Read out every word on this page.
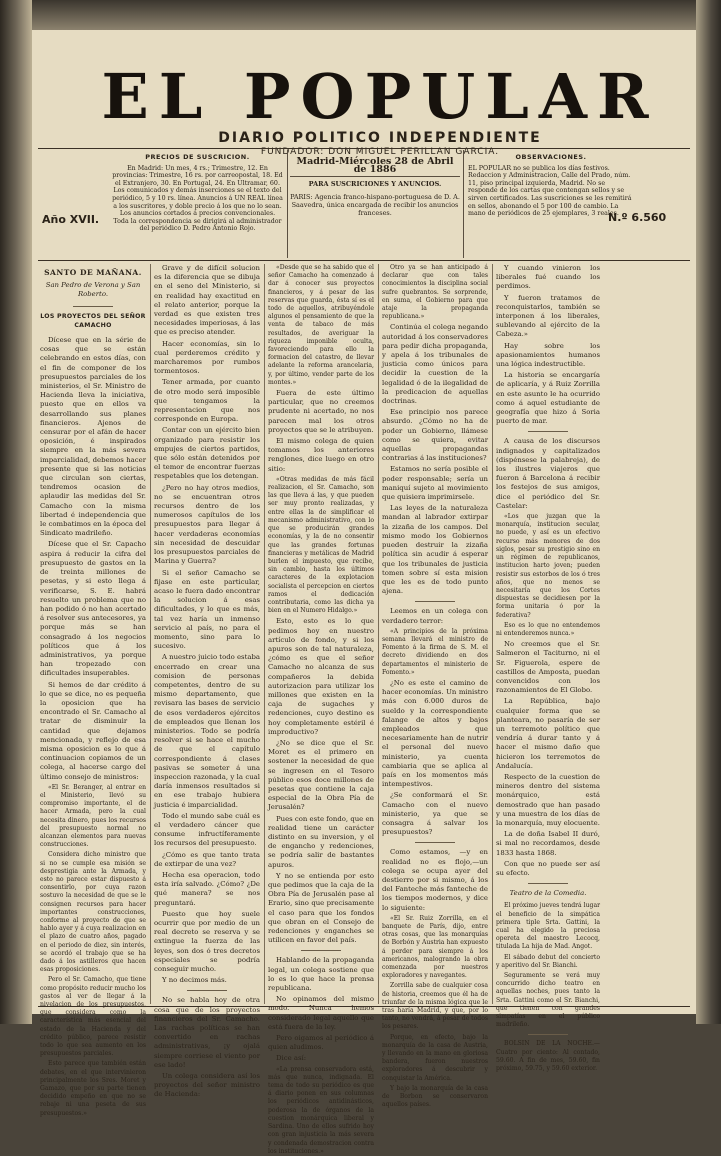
EL POPULAR
DIARIO POLITICO INDEPENDIENTE
FUNDADOR: DON MIGUEL PERILLAN GARCIA.
Año XVII.
PRECIOS DE SUSCRICION.
En Madrid: Un mes, 4 rs.; Trimestre, 12. En provincias: Trimestre, 16 rs. por carreopostal, 18. Ed el Extranjero, 30. En Portugal, 24. En Ultramar, 60.
Los comunicados y demás inserciones se el texto del periódico, 5 y 10 rs. línea. Anuncios á UN REAL línea a los suscritores, y doble precio á los que no lo sean.
Los anuncios cortados á precios convencionales. Toda la correspondencia se dirigirá al administrador del periódico D. Pedro Antonio Rojo.
Madrid-Miércoles 28 de Abril de 1886
PARA SUSCRICIONES Y ANUNCIOS.
PARIS: Agencia franco-hispano-portuguesa de D. A. Saavedra, única encargada de recibir los anuncios franceses.
OBSERVACIONES.
EL POPULAR no se publica los días festivos. Redaccion y Administracion, Calle del Prado, núm. 11, piso principal izquierda, Madrid. No se responde de los cartas que contengan sellos y se sirven certificados. Las suscriciones se les remitirá en sellos, abonando el 5 por 100 de cambio. La mano de periódicos de 25 ejemplares, 3 reales.
N.º 6.560

SANTO DE MAÑANA.

San Pedro de Verona y San Roberto.

LOS PROYECTOS DEL SEÑOR CAMACHO

Dícese que en la série de cosas que se están celebrando en estos días, con el fin de componer de los presupuestos parciales de los ministerios, el Sr. Ministro de Hacienda lleva la iniciativa, puesto que en ellos va desarrollando sus planes financieros. Ajenos de censurar por el afán de hacer oposición, é inspirados siempre en la más severa imparcialidad, debemos hacer presente que si las noticias que circulan son ciertas, tendremos ocasion de aplaudir las medidas del Sr. Camacho con la misma libertad é independencia que le combatimos en la época del Sindicato madrileño.

Dícese que el Sr. Capacho aspira á reducir la cifra del presupuesto de gastos en la de treinta millones de pesetas, y si esto llega á verificarse, S. E. habrá resuelto un problema que no han podido ó no han acertado á resolver sus antecesores, ya porque más se han consagrado á los negocios políticos que á los administrativos, ya porque han tropezado con dificultades insuperables.

Si hemos de dar crédito á lo que se dice, no es pequeña la oposicion que ha encontrado el Sr. Camacho al tratar de disminuir la cantidad que dejamos mencionada, y reflejo de esa misma oposicion es lo que á continuacion copiamos de un colega, al hacerse cargo del último consejo de ministros:

«El Sr. Beranger, al entrar en el Ministerio, llevó su compromiso importante, el de hacer Armada, pero la cual necesita dinero, pues los recursos del presupuesto normal no alcanzan elementos para nuevas construcciones.

Considera dicho ministro que si no se cumple esa misión se desprestigia ante la Armada, y esto no parece estar dispuesto á consentirlo, por cuya razon sostuvo la necesidad de que se le consignen recursos para hacer importantes construcciones, conforme al proyecto de que se hablo ayer y á cuya realizacion en el plazo de cuatro años, pagado en el periodo de diez, sin interés, se acordó el trabajo que se ha dado á los astilleros que hacen esas proposiciones.

Pero el Sr. Camacho, que tiene como propósito reducir mucho los gastos al ver de llegar á la nivelacion de los presupuestos, que considera como la característica más esencial del estado de la Hacienda y del crédito público, parece resistir todo lo que sea aumento en los presupuestos parciales.

Esto parece que también están debates, en el que intervinieron principalmente los Sres. Moret y Gamazo, que por su parte tienen decidido empeño en que no se rebaje ni una peseta de sus presupuestos.»

Grave y de difícil solucion es la diferencia que se dibuja en el seno del Ministerio, si en realidad hay exactitud en el relato anterior, porque la verdad es que existen tres necesidades imperiosas, á las que es preciso atender.

Hacer economías, sin lo cual perderemos crédito y marcharemos por rumbos tormentosos.

Tener armada, por cuanto de otro modo será imposible que tengamos la representacion que nos corresponde en Europa.

Contar con un ejército bien organizado para resistir los empujes de ciertos partidos, que sólo están detenidos por el temor de encontrar fuerzas respetables que los detengan.

¿Pero no hay otros medios, no se encuentran otros recursos dentro de los numerosos capítulos de los presupuestos para llegar á hacer verdaderas economías sin necesidad de descuidar los presupuestos parciales de Marina y Guerra?

Si el señor Camacho se fijase en este particular, acaso le fuera dado encontrar la solucion á esas dificultades, y lo que es más, tal vez haría un inmenso servicio al país, no para el momento, sino para lo sucesivo.

A nuestro juicio todo estaba encerrado en crear una comision de personas competentes, dentro de su mismo departamento, que revisara las bases de servicio de esos verdaderos ejércitos de empleados que llenan los ministerios. Todo se podría resolver si se hace el mucho de que el capítulo correspondiente á clases pasivas se someter á una inspeccion razonada, y la cual daría inmensos resultados si en ese trabajo hubiera justicia é imparcialidad.

Todo el mundo sabe cuál es el verdadero cáncer que consume infructíferamente los recursos del presupuesto.

¿Cómo es que tanto trata de extirpar de una vez?

Hecha esa operacion, todo esta iría salvado. ¿Cómo? ¿De qué manera? se nos preguntará.

Puesto que hoy suele ocurrir que por medio de un real decreto se reserva y se extingue la fuerza de las leyes, son dos ó tres decretos especiales se podría conseguir mucho.

Y no decimos más.

No se habla hoy de otra cosa que de los proyectos financieros del Sr. Camacho. Las rachas políticas se han convertido en rachas administrativas, ¡y ojalá siempre corriese el viento por ese lado!

Un colega considera así los proyectos del señor ministro de Hacienda:

«Desde que se ha sabido que el señor Camacho ha comenzado á dar á conocer sus proyectos financieros, y á pesar de las reservas que guarda, ésta sí es el todo de aquellos, atribuyéndole algunos el pensamiento de que la venta de tabaco de más resultados, de averiguar la riqueza imponible oculta, favoreciendo para ello la formacion del catastro, de llevar adelante la reforma arancelaria, y, por último, vender parte de los montes.»

Fuera de este último particular, que no creemos prudente ni acertado, no nos parecen mal los otros proyectos que se le atribuyen.

El mismo colega de quien tomamos los anteriores renglones, dice luego en otro sitio:

«Otras medidas de más fácil realizacion, el Sr. Camacho, son las que lleva á las, y que pueden ser muy pronto realizadas, y entre ellas la de simplificar el mecanismo administrativo, con lo que se producirán grandes economías, y la de no consentir que las grandes fortunas financieras y metálicas de Madrid burlen el impuesto, que recibe, sin cambio, hasta los últimos caracteres de la explotacion socialista el percepcion en ciertos ramos el dedicación contributaria, como las dicha ya bien en el Numero Hidalgo.»

Esto, esto es lo que pedimos hoy en nuestro artículo de fondo, y si los apuros son de tal naturaleza, ¿cómo es que el señor Camacho no alcanza de sus compañeros la debida autorizacion para utilizar los millones que existen en la caja de sugaches y redenciones, cuyo destino es hoy completamente estéril é improductivo?

¿No se dice que el Sr. Moret es el primero en sostener la necesidad de que se ingresen en el Tesoro público esos doce millones de pesetas que contiene la caja especial de la Obra Pía de Jerusalén?

Pues con este fondo, que en realidad tiene un carácter distinto en su inversion, y el de engancho y redenciones, se podría salir de bastantes apuros.

Y no se entienda por esto que pedimos que la caja de la Obra Pía de Jerusalén pase al Erario, sino que precisamente el caso para que los fondos que obran en el Consejo de redenciones y enganches se utilicen en favor del país.

Hablando de la propaganda legal, un colega sostiene que lo es lo que hace la prensa republicana.

No opinamos del mismo modo. Nunca hemos considerado legal aquello que está fuera de la ley.

Pero oigamos al periódico á quien aludimos.

Dice así:

«La prensa conservadora está, más que nunca, indignada. El tema de todo su periódico es que á diario ponen en sus columnas los periódicos antidinásticos, poderosa la de órganos de la cuestion monárquica liberal y Sardina. Uno de ellos sufrido hoy con gran injusticia la más severa y condenada demostracion contra los instituciones.»

Otro ya se han anticipado á declarar que con tales conocimientos la disciplina social sufre quebrantos. Se sorprende, en suma, el Gobierno para que ataje la propaganda republicana.»

Continúa el colega negando autoridad á los conservadores para pedir dicha propaganda, y apela á los tribunales de justicia como únicos para decidir la cuestion de la legalidad ó de la ilegalidad de la predicacion de aquellas doctrinas.

Ese principio nos parece absurdo. ¿Cómo no ha de poder un Gobierno, llámese como se quiera, evitar aquellas propagandas contrarias á las instituciones?

Estamos no sería posible el poder responsable; sería un maniquí sujeto al movimiento que quisiera imprimirsele.

Las leyes de la naturaleza mandan al labrador extirpar la zizaña de los campos. Del mismo modo los Gobiernos pueden destruir la zizaña política sin acudir á esperar que los tribunales de justicia tomen sobre sí esta mision que les es de todo punto ajena.

Leemos en un colega con verdadero terror:

«A principios de la próxima semana llevará el ministro de Fomento á la firma de S. M. el decreto dividiendo en dos departamentos el ministerio de Fomento.»

¿No es este el camino de hacer economías. Un ministro más con 6.000 duros de sueldo y la correspondiente falange de altos y bajos empleados que necesariamente han de nutrir el personal del nuevo ministerio, ya cuenta cambiaria que se aplica al país en los momentos más intempestivos.

¿Se conformará el Sr. Camacho con el nuevo ministerio, ya que se consagra á salvar los presupuestos?

Como estamos, —y en realidad no es flojo,—un colega se ocupa ayer del destierro por si mismo, á los del Fanteche más fanteche de los tiempos modernos, y dice lo siguiente:

«El Sr. Ruiz Zorrilla, en el banquete de París, dijo, entre otras cosas, que las monarquías de Borbón y Austria han expuesto á perder para siempre á los americanos, malogrando la obra comenzada por nuestros exploradores y navegantes.

Zorrilla sabe de cualquier cosa de historia, creemos que él ha de triunfar de la misma lógica que le tras haría Madrid, y que, por lo tanto, no vendrá, á pesar de todos los pesares.

Porque, en efecto, bajo la monarquía de la casa de Austria, y llevando en la mano en gloriosa bandera, fueron nuestros exploradores á descubrir y conquistar la América.

Y bajo la monarquía de la casa de Borbon se conservaron aquellos países.

Y cuando vinieron los liberales fué cuando los perdimos.

Y fueron tratamos de reconquistarlos, también se interponen á los liberales, sublevando al ejército de la Cabeza.»

Hay sobre los apasionamientos humanos una lógica indestructible.

La historia se encargaría de aplicaría, y á Ruiz Zorrilla en este asunto le ha ocurrido como á aquel estudiante de geografía que hizo á Soria puerto de mar.

A causa de los discursos indignados y capitalizados (dispénsese la palabreja), de los ilustres viajeros que fueron á Barcelona á recibir los festejos de sus amigos, dice el periódico del Sr. Castelar:

«Los que juzgan que la monarquía, institucion secular, no puede, y así es un efectivo recurso más menores de dos siglos, pesar su prestigio sino en un régimen de republicanos, institucion harto joven; pueden resistir sus estorbos de los ó tres años, que no menos se necesitaría que los Cortes dispuestas se decidiesen por la forma unitaria ó por la federativa?

Eso es lo que no entendemos ni entenderemos nunca.»

No creemos que el Sr. Salmeron el Taciturno, ni el Sr. Figuerola, espere de castillos de Amposta, puedan convencidos con los razonamientos de El Globo.

La República, bajo cualquier forma que se planteara, no pasaría de ser un terremoto político que vendría á durar tanto y á hacer el mismo daño que hicieron los terremotos de Andalucía.

Respecto de la cuestion de mineros dentro del sistema monárquico, está demostrado que han pasado y una muestra de los días de la monarquía, muy elocuente.

La de doña Isabel II duró, si mal no recordamos, desde 1833 hasta 1868.

Con que no puede ser así su efecto.

Teatro de la Comedia.

El próximo jueves tendrá lugar el beneficio de la simpática primera tiple Srta. Gattini, la cual ha elegido la preciosa opereta del maestro Lecocq, titulada La hija de Mad. Angot.

El sábado debut del concierto y aperitivo del Sr. Bianchi.

Seguramente se verá muy concurrido dicho teatro en aquellas noches, pues tanto la Srta. Gattini como el Sr. Bianchi, que tienen con grandes simpatías en el público madrileño.

BOLSIN DE LA NOCHE.—Cuatro por ciento: Al contado, 59.60. A fin de mes, 59.60, fin próximo, 59.75, y 59.60 exterior.
